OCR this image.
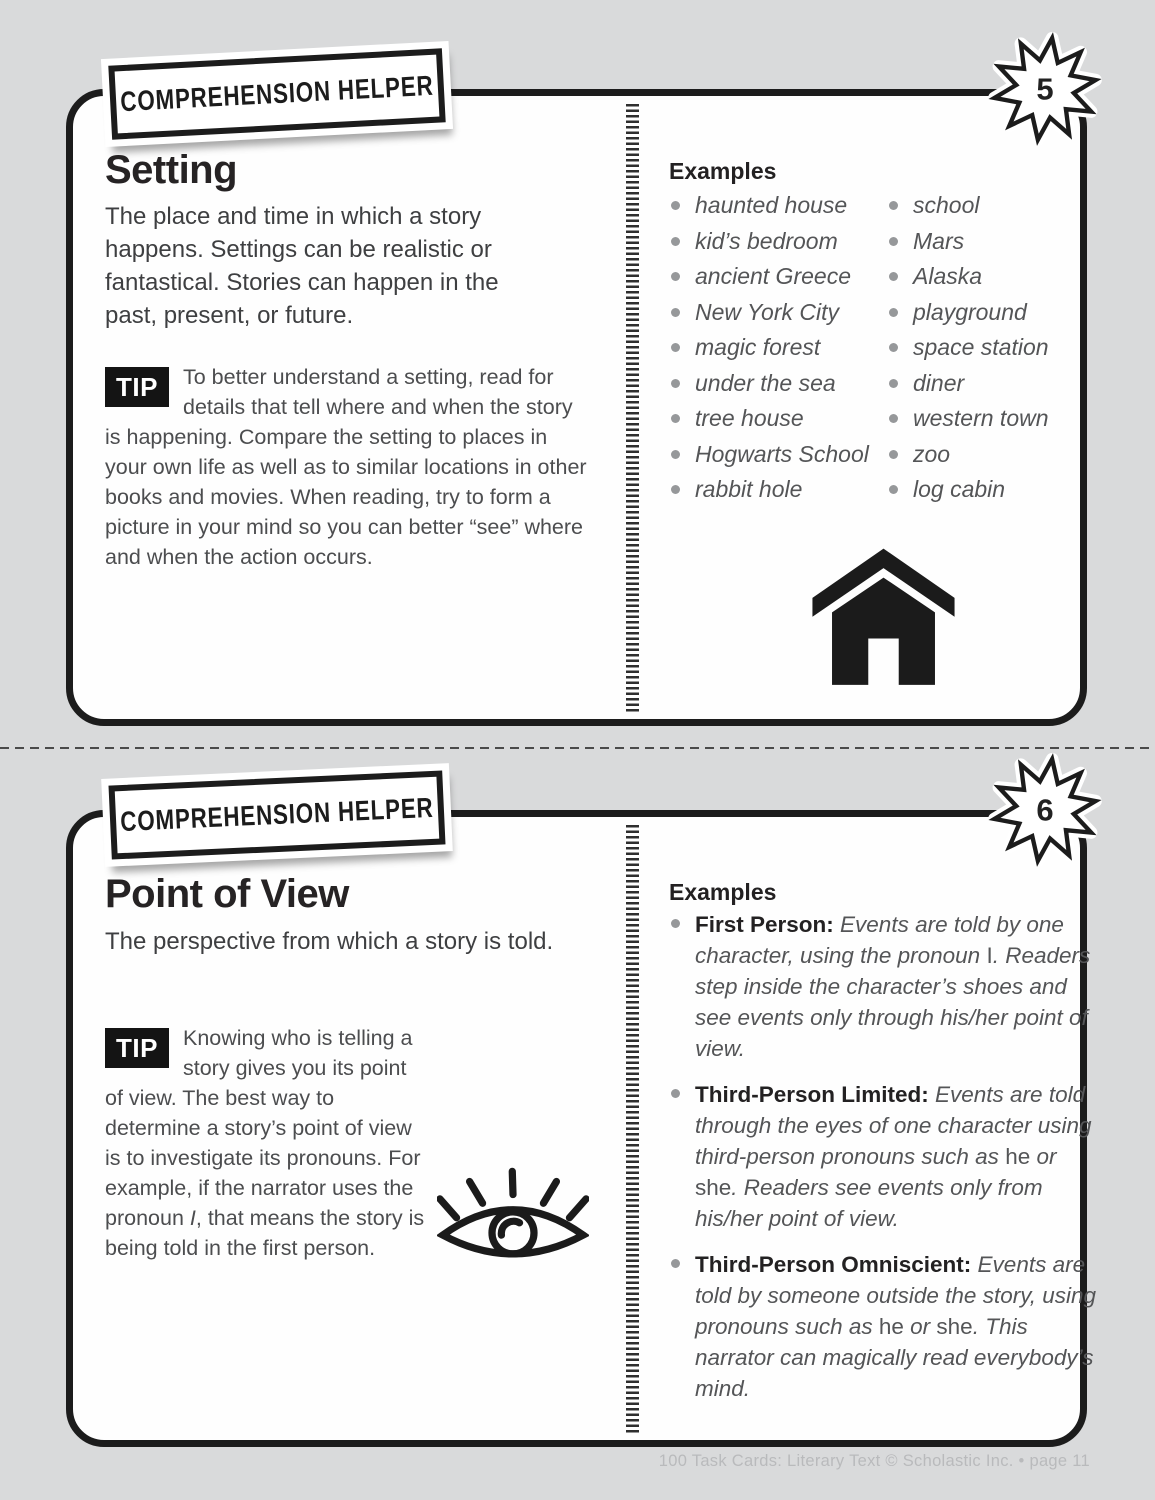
Setting
The place and time in which a story happens. Settings can be realistic or fantastical. Stories can happen in the past, present, or future.

TIP	To better understand a setting, read for details that tell where and when the story is happening. Compare the setting to places in your own life as well as to similar locations in other books and movies. When reading, try to form a picture in your mind so you can better “see” where and when the action occurs.

Examples
haunted house
kid’s bedroom
ancient Greece
New York City
magic forest
under the sea
tree house
Hogwarts School
rabbit hole
school
Mars
Alaska
playground
space station
diner
western town
zoo
log cabin
Point of View
The perspective from which a story is told.

TIP	Knowing who is telling a story gives you its point of view. The best way to determine a story’s point of view is to investigate its pronouns. For example, if the narrator uses the pronoun I, that means the story is being told in the first person.

Examples
First Person: Events are told by one character, using the pronoun I. Readers step inside the character’s shoes and see events only through his/her point of view.
Third-Person Limited: Events are told through the eyes of one character using third-person pronouns such as he or she. Readers see events only from his/her point of view.
Third-Person Omniscient: Events are told by someone outside the story, using pronouns such as he or she. This narrator can magically read everybody’s mind.
COMPREHENSION HELPER
COMPREHENSION HELPER
5
6
100 Task Cards: Literary Text © Scholastic Inc. • page 11
